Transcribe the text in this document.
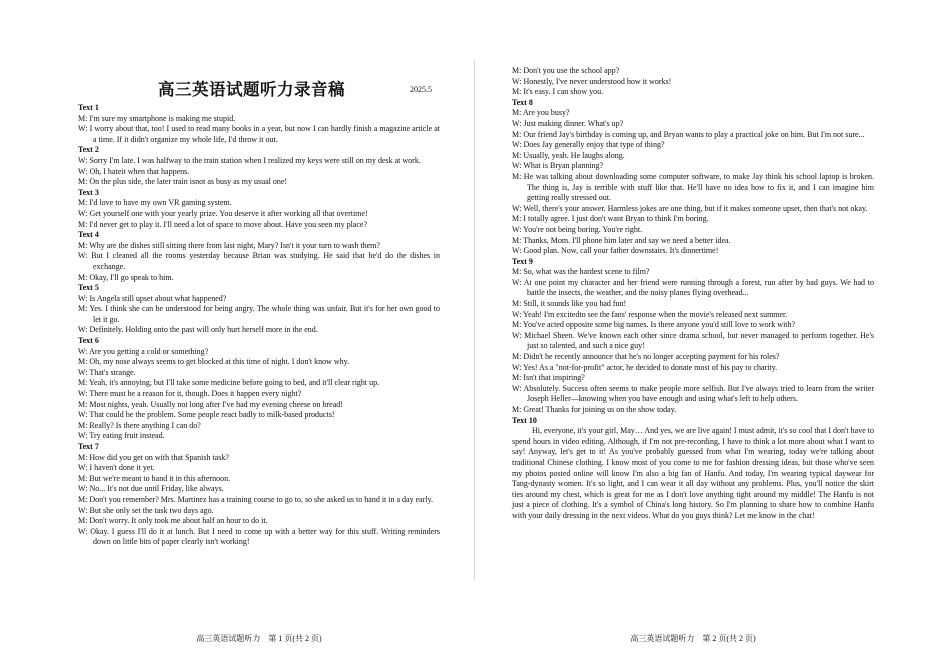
高三英语试题听力录音稿	2025.5
Text 1
M: I'm sure my smartphone is making me stupid.
W: I worry about that, too! I used to read many books in a year, but now I can hardly finish a magazine article at a time. If it didn't organize my whole life, I'd throw it out.
Text 2
W: Sorry I'm late. I was halfway to the train station when I realized my keys were still on my desk at work.
W: Oh, I hateit when that happens.
M: On the plus side, the later train isnot as busy as my usual one!
Text 3
M: I'd love to have my own VR gaming system.
W: Get yourself one with your yearly prize. You deserve it after working all that overtime!
M: I'd never get to play it. I'll need a lot of space to move about. Have you seen my place?
Text 4
M: Why are the dishes still sitting there from last night, Mary? Isn't it your turn to wash them?
W: But I cleaned all the rooms yesterday because Brian was studying. He said that he'd do the dishes in exchange.
M: Okay, I'll go speak to him.
Text 5
W: Is Angela still upset about what happened?
M: Yes. I think she can be understood for being angry. The whole thing was unfair. But it's for her own good to let it go.
W: Definitely. Holding onto the past will only hurt herself more in the end.
Text 6
W: Are you getting a cold or something?
M: Oh, my nose always seems to get blocked at this time of night. I don't know why.
W: That's strange.
M: Yeah, it's annoying, but I'll take some medicine before going to bed, and it'll clear right up.
W: There must be a reason for it, though. Does it happen every night?
M: Most nights, yeah. Usually not long after I've had my evening cheese on bread!
W: That could be the problem. Some people react badly to milk-based products!
M: Really? Is there anything I can do?
W: Try eating fruit instead.
Text 7
M: How did you get on with that Spanish task?
W: I haven't done it yet.
M: But we're meant to hand it in this afternoon.
W: No... It's not due until Friday, like always.
M: Don't you remember? Mrs. Martinez has a training course to go to, so she asked us to hand it in a day early.
W: But she only set the task two days ago.
M: Don't worry. It only took me about half an hour to do it.
W: Okay. I guess I'll do it at lunch. But I need to come up with a better way for this stuff. Writing reminders down on little bits of paper clearly isn't working!
高三英语试题听力 第 1 页(共 2 页)
M: Don't you use the school app?
W: Honestly, I've never understood how it works!
M: It's easy. I can show you.
Text 8
M: Are you busy?
W: Just making dinner. What's up?
M: Our friend Jay's birthday is coming up, and Bryan wants to play a practical joke on him. But I'm not sure...
W: Does Jay generally enjoy that type of thing?
M: Usually, yeah. He laughs along.
W: What is Bryan planning?
M: He was talking about downloading some computer software, to make Jay think his school laptop is broken. The thing is, Jay is terrible with stuff like that. He'll have no idea how to fix it, and I can imagine him getting really stressed out.
W: Well, there's your answer. Harmless jokes are one thing, but if it makes someone upset, then that's not okay.
M: I totally agree. I just don't want Bryan to think I'm boring.
W: You're not being boring. You're right.
M: Thanks, Mom. I'll phone him later and say we need a better idea.
W: Good plan. Now, call your father downstairs. It's dinnertime!
Text 9
M: So, what was the hardest scene to film?
W: At one point my character and her friend were running through a forest, run after by bad guys. We had to battle the insects, the weather, and the noisy planes flying overhead...
M: Still, it sounds like you had fun!
W: Yeah! I'm excitedto see the fans' response when the movie's released next summer.
M: You've acted opposite some big names. Is there anyone you'd still love to work with?
W: Michael Sheen. We've known each other since drama school, but never managed to perform together. He's just so talented, and such a nice guy!
M: Didn't he recently announce that he's no longer accepting payment for his roles?
W: Yes! As a "not-for-profit" actor, he decided to donate most of his pay to charity.
M: Isn't that inspiring?
W: Absolutely. Success often seems to make people more selfish. But I've always tried to learn from the writer Joseph Heller—knowing when you have enough and using what's left to help others.
M: Great! Thanks for joining us on the show today.
Text 10
Hi, everyone, it's your girl, May… And yes, we are live again! I must admit, it's so cool that I don't have to spend hours in video editing. Although, if I'm not pre-recording, I have to think a lot more about what I want to say! Anyway, let's get to it! As you've probably guessed from what I'm wearing, today we're talking about traditional Chinese clothing. I know most of you come to me for fashion dressing ideas, but those who've seen my photos posted online will know I'm also a big fan of Hanfu. And today, I'm wearing typical daywear for Tang-dynasty women. It's so light, and I can wear it all day without any problems. Plus, you'll notice the skirt ties around my chest, which is great for me as I don't love anything tight around my middle! The Hanfu is not just a piece of clothing. It's a symbol of China's long history. So I'm planning to share how to combine Hanfu with your daily dressing in the next videos. What do you guys think? Let me know in the chat!
高三英语试题听力 第 2 页(共 2 页)
